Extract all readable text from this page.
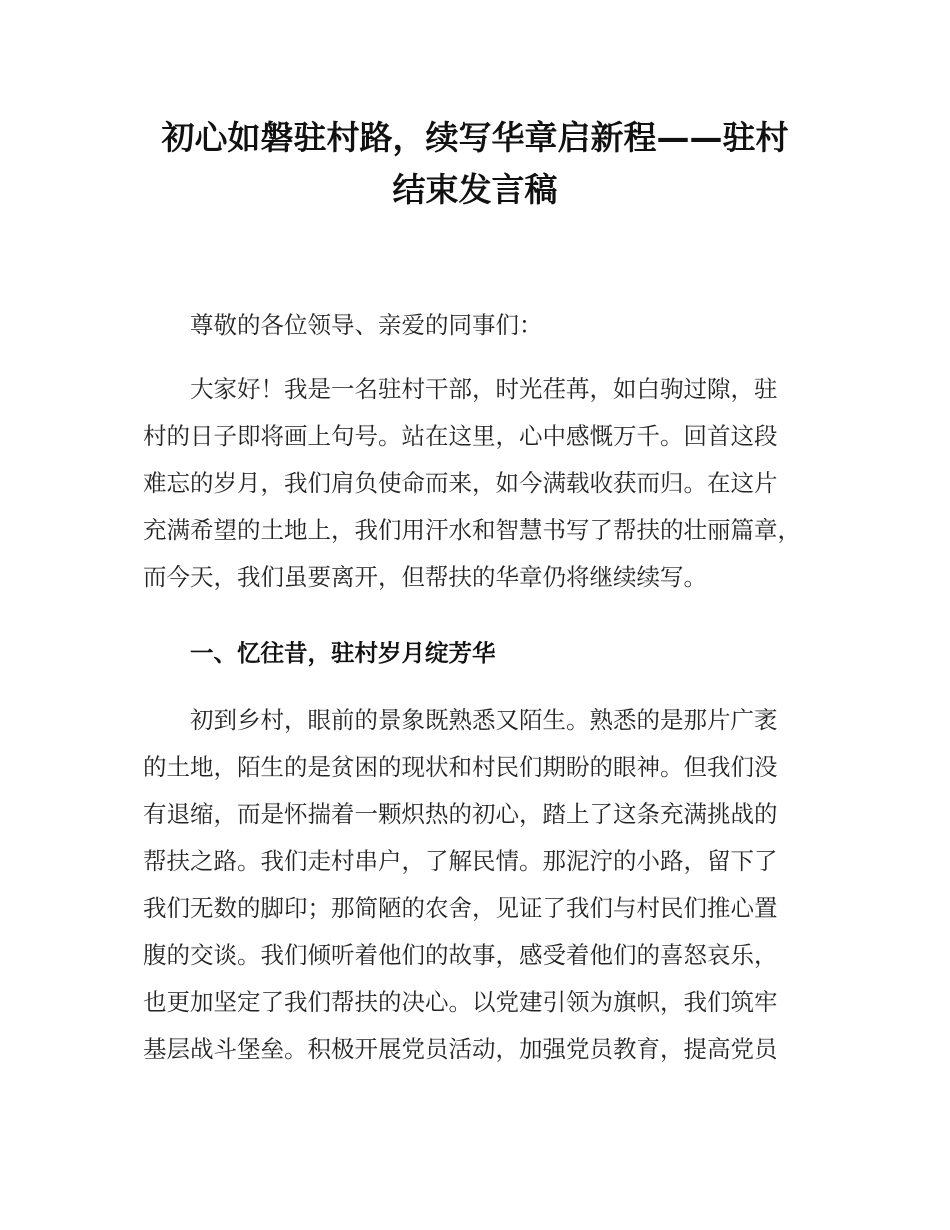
初心如磐驻村路，续写华章启新程——驻村
结束发言稿

尊敬的各位领导、亲爱的同事们：

大家好！我是一名驻村干部，时光荏苒，如白驹过隙，驻
村的日子即将画上句号。站在这里，心中感慨万千。回首这段
难忘的岁月，我们肩负使命而来，如今满载收获而归。在这片
充满希望的土地上，我们用汗水和智慧书写了帮扶的壮丽篇章，
而今天，我们虽要离开，但帮扶的华章仍将继续续写。

一、忆往昔，驻村岁月绽芳华

初到乡村，眼前的景象既熟悉又陌生。熟悉的是那片广袤
的土地，陌生的是贫困的现状和村民们期盼的眼神。但我们没
有退缩，而是怀揣着一颗炽热的初心，踏上了这条充满挑战的
帮扶之路。我们走村串户，了解民情。那泥泞的小路，留下了
我们无数的脚印；那简陋的农舍，见证了我们与村民们推心置
腹的交谈。我们倾听着他们的故事，感受着他们的喜怒哀乐，
也更加坚定了我们帮扶的决心。以党建引领为旗帜，我们筑牢
基层战斗堡垒。积极开展党员活动，加强党员教育，提高党员
